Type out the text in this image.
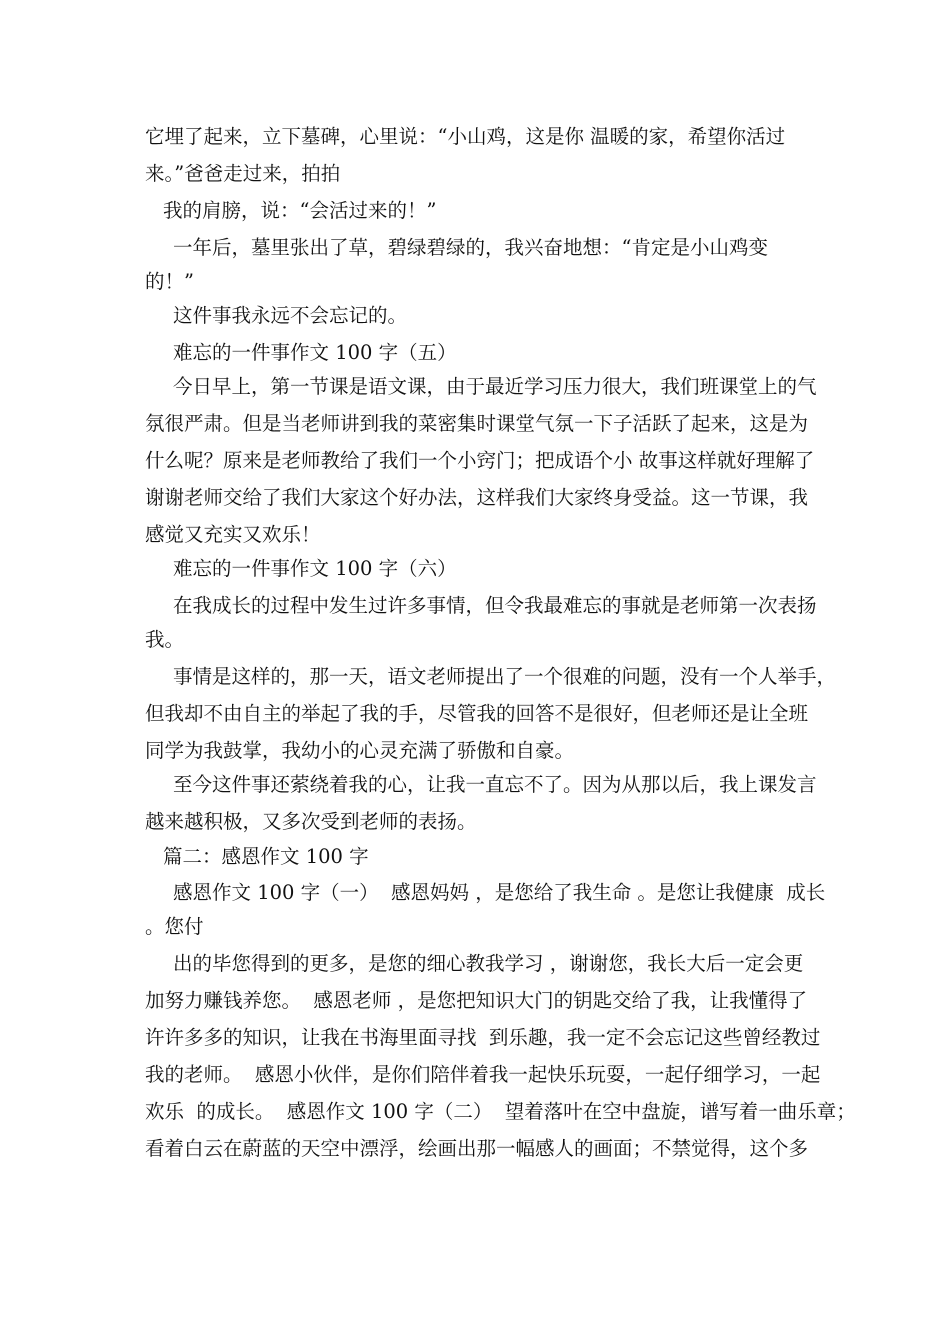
它埋了起来，立下墓碑，心里说：“小山鸡，这是你 温暖的家，希望你活过
来。”爸爸走过来，拍拍
我的肩膀，说：“会活过来的！”
一年后，墓里张出了草，碧绿碧绿的，我兴奋地想：“肯定是小山鸡变
的！”
这件事我永远不会忘记的。
难忘的一件事作文 100 字（五）
今日早上，第一节课是语文课，由于最近学习压力很大，我们班课堂上的气
氛很严肃。但是当老师讲到我的菜密集时课堂气氛一下子活跃了起来，这是为
什么呢？原来是老师教给了我们一个小窍门；把成语个小 故事这样就好理解了
谢谢老师交给了我们大家这个好办法，这样我们大家终身受益。这一节课，我
感觉又充实又欢乐！
难忘的一件事作文 100 字（六）
在我成长的过程中发生过许多事情，但令我最难忘的事就是老师第一次表扬
我。
事情是这样的，那一天，语文老师提出了一个很难的问题，没有一个人举手，
但我却不由自主的举起了我的手，尽管我的回答不是很好，但老师还是让全班
同学为我鼓掌，我幼小的心灵充满了骄傲和自豪。
至今这件事还萦绕着我的心，让我一直忘不了。因为从那以后，我上课发言
越来越积极，又多次受到老师的表扬。
篇二：感恩作文 100 字
感恩作文 100 字（一）  感恩妈妈 ，是您给了我生命 。是您让我健康  成长
。您付
出的毕您得到的更多，是您的细心教我学习 ，谢谢您，我长大后一定会更
加努力赚钱养您。  感恩老师 ，是您把知识大门的钥匙交给了我，让我懂得了
许许多多的知识，让我在书海里面寻找  到乐趣，我一定不会忘记这些曾经教过
我的老师。  感恩小伙伴，是你们陪伴着我一起快乐玩耍，一起仔细学习，一起
欢乐  的成长。  感恩作文 100 字（二）  望着落叶在空中盘旋，谱写着一曲乐章；
看着白云在蔚蓝的天空中漂浮，绘画出那一幅感人的画面；不禁觉得，这个多
